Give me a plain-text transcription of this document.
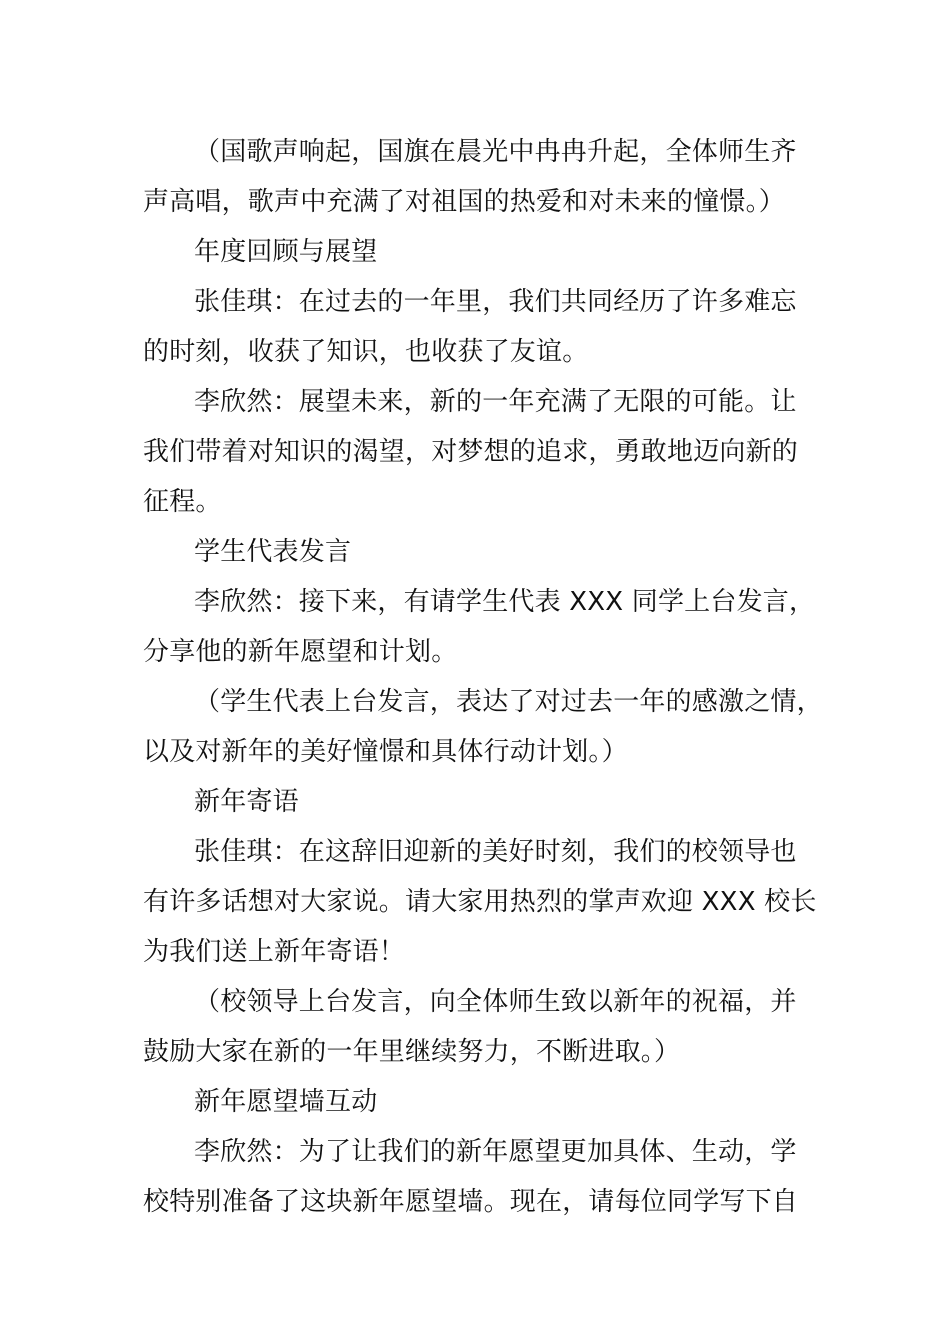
（国歌声响起，国旗在晨光中冉冉升起，全体师生齐
声高唱，歌声中充满了对祖国的热爱和对未来的憧憬。）
年度回顾与展望
张佳琪：在过去的一年里，我们共同经历了许多难忘
的时刻，收获了知识，也收获了友谊。
李欣然：展望未来，新的一年充满了无限的可能。让
我们带着对知识的渴望，对梦想的追求，勇敢地迈向新的
征程。
学生代表发言
李欣然：接下来，有请学生代表 XXX 同学上台发言，
分享他的新年愿望和计划。
（学生代表上台发言，表达了对过去一年的感激之情，
以及对新年的美好憧憬和具体行动计划。）
新年寄语
张佳琪：在这辞旧迎新的美好时刻，我们的校领导也
有许多话想对大家说。请大家用热烈的掌声欢迎 XXX 校长
为我们送上新年寄语！
（校领导上台发言，向全体师生致以新年的祝福，并
鼓励大家在新的一年里继续努力，不断进取。）
新年愿望墙互动
李欣然：为了让我们的新年愿望更加具体、生动，学
校特别准备了这块新年愿望墙。现在，请每位同学写下自
